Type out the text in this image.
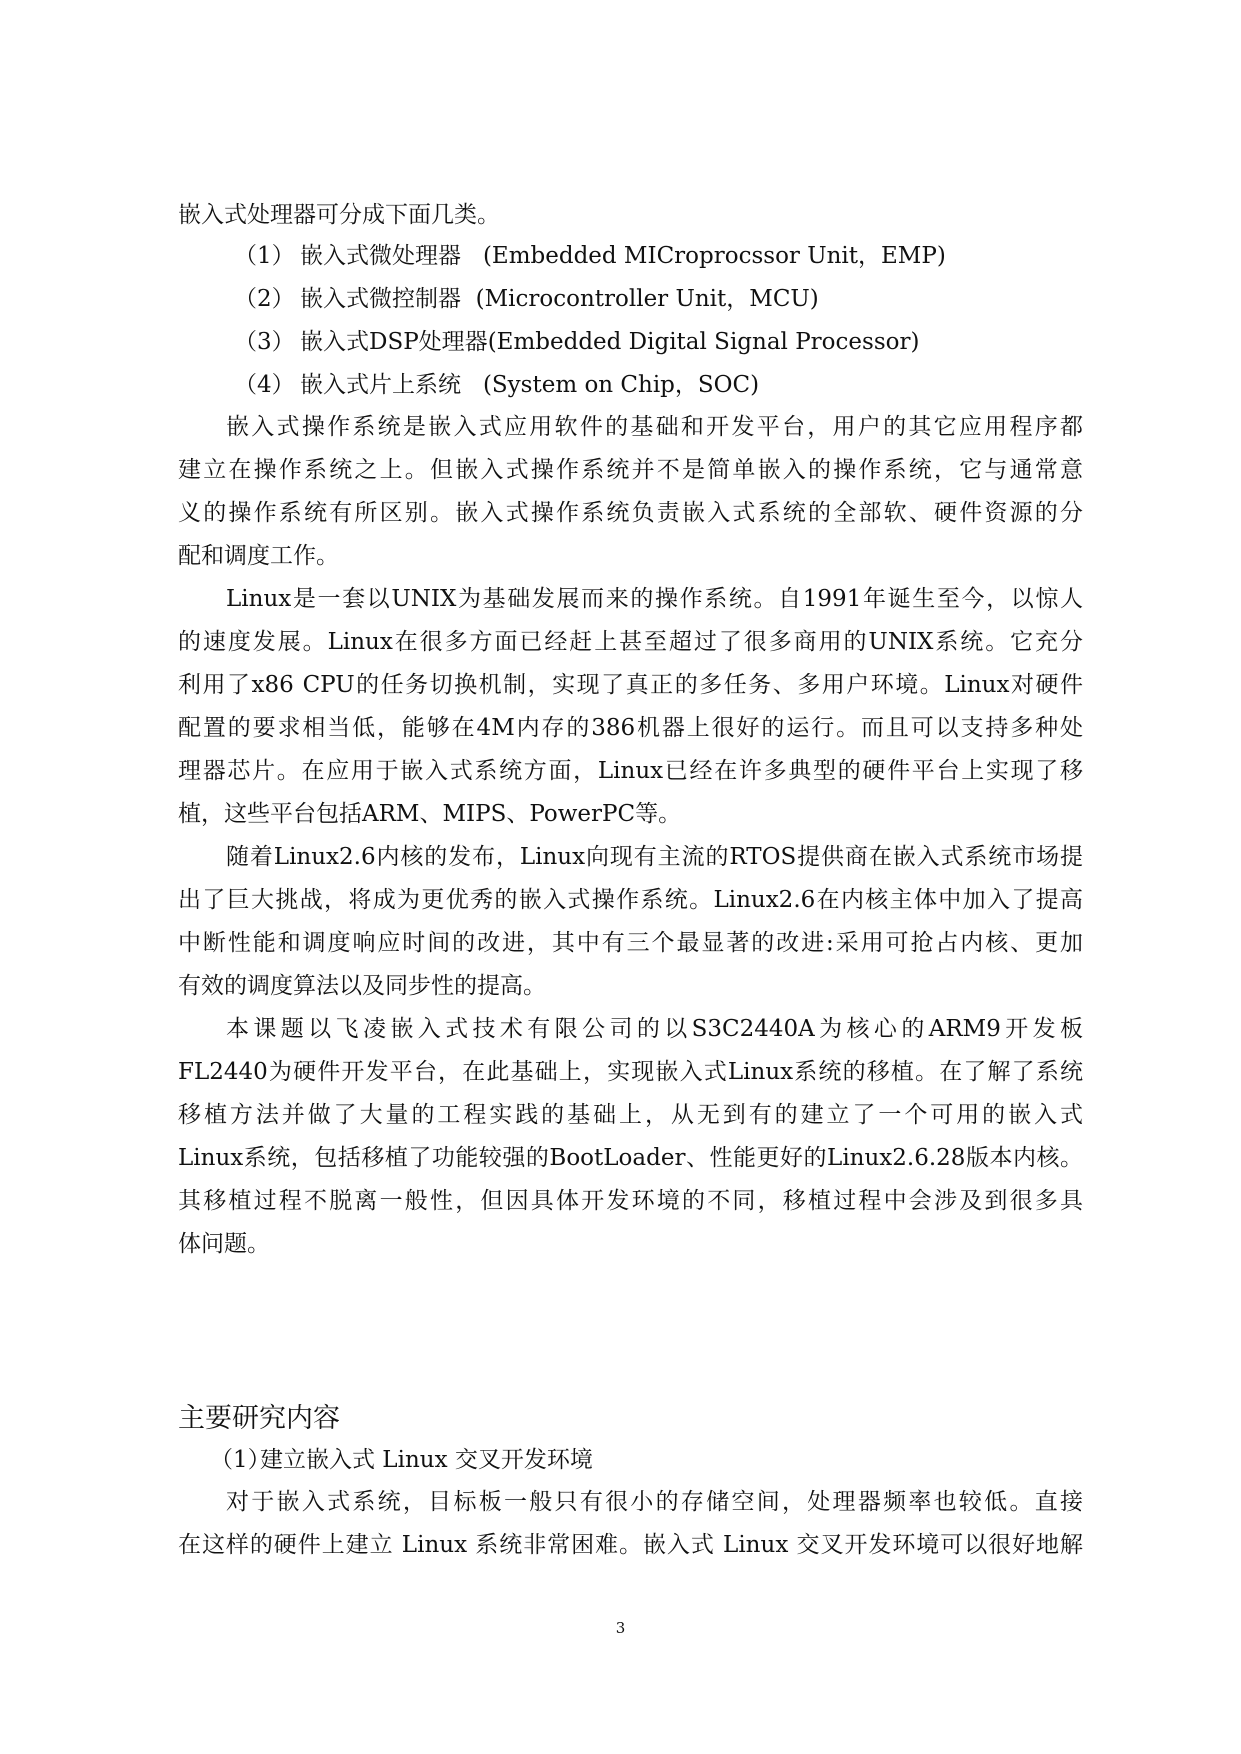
嵌入式处理器可分成下面几类。
（1） 嵌入式微处理器 (Embedded MICroprocssor Unit，EMP)
（2） 嵌入式微控制器 (Microcontroller Unit，MCU)
（3） 嵌入式DSP处理器(Embedded Digital Signal Processor)
（4） 嵌入式片上系统 (System on Chip，SOC)
嵌入式操作系统是嵌入式应用软件的基础和开发平台，用户的其它应用程序都
建立在操作系统之上。但嵌入式操作系统并不是简单嵌入的操作系统，它与通常意
义的操作系统有所区别。嵌入式操作系统负责嵌入式系统的全部软、硬件资源的分
配和调度工作。
Linux是一套以UNIX为基础发展而来的操作系统。自1991年诞生至今，以惊人
的速度发展。Linux在很多方面已经赶上甚至超过了很多商用的UNIX系统。它充分
利用了x86 CPU的任务切换机制，实现了真正的多任务、多用户环境。Linux对硬件
配置的要求相当低，能够在4M内存的386机器上很好的运行。而且可以支持多种处
理器芯片。在应用于嵌入式系统方面，Linux已经在许多典型的硬件平台上实现了移
植，这些平台包括ARM、MIPS、PowerPC等。
随着Linux2.6内核的发布，Linux向现有主流的RTOS提供商在嵌入式系统市场提
出了巨大挑战，将成为更优秀的嵌入式操作系统。Linux2.6在内核主体中加入了提高
中断性能和调度响应时间的改进，其中有三个最显著的改进:采用可抢占内核、更加
有效的调度算法以及同步性的提高。
本课题以飞凌嵌入式技术有限公司的以S3C2440A为核心的ARM9开发板
FL2440为硬件开发平台，在此基础上，实现嵌入式Linux系统的移植。在了解了系统
移植方法并做了大量的工程实践的基础上，从无到有的建立了一个可用的嵌入式
Linux系统，包括移植了功能较强的BootLoader、性能更好的Linux2.6.28版本内核。
其移植过程不脱离一般性，但因具体开发环境的不同，移植过程中会涉及到很多具
体问题。
主要研究内容
（1）建立嵌入式 Linux 交叉开发环境
对于嵌入式系统，目标板一般只有很小的存储空间，处理器频率也较低。直接
在这样的硬件上建立 Linux 系统非常困难。嵌入式 Linux 交叉开发环境可以很好地解
3
